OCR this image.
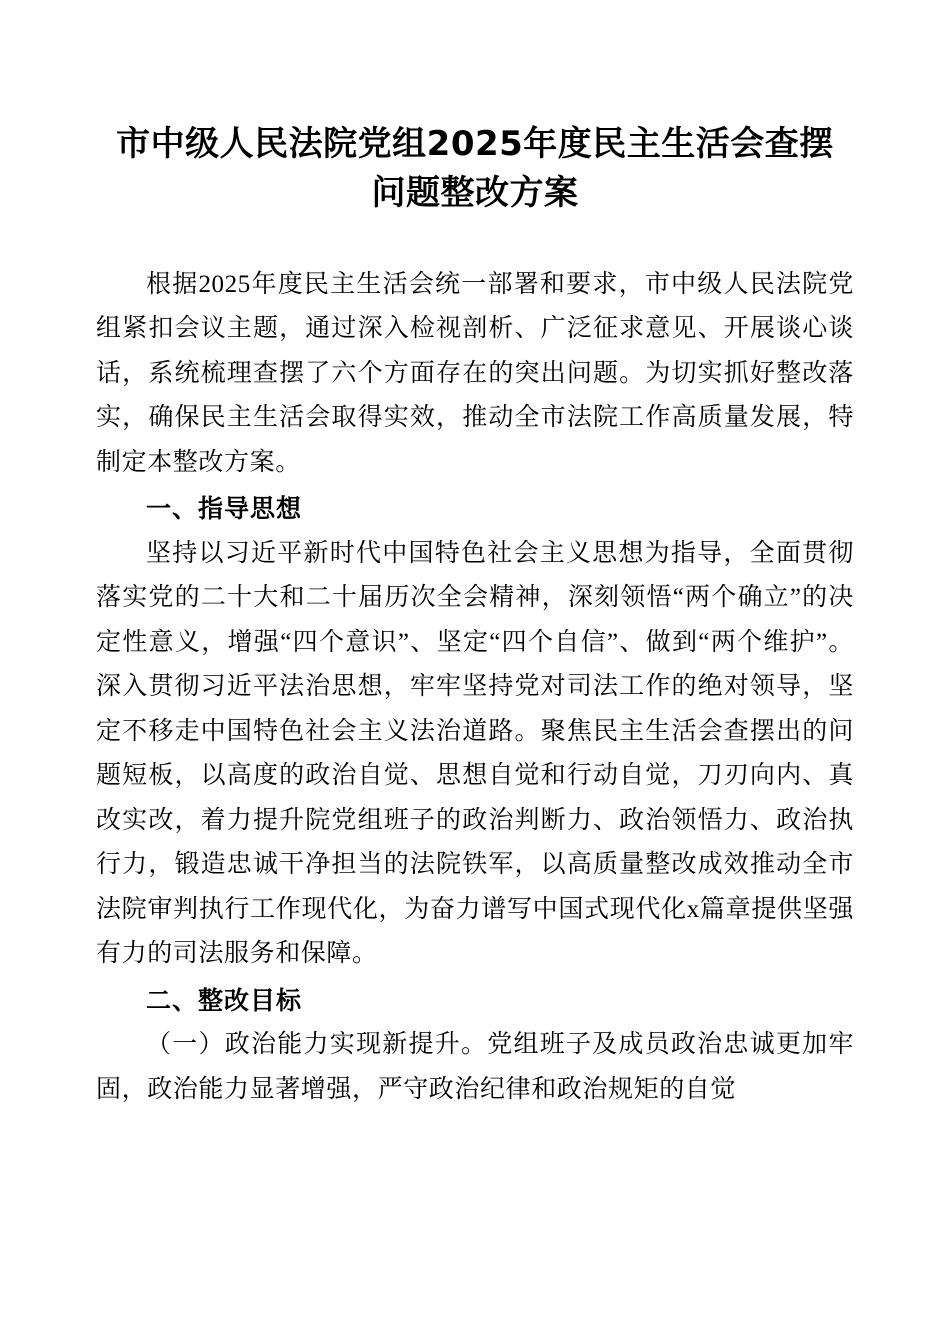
市中级人民法院党组2025年度民主生活会查摆问题整改方案

根据2025年度民主生活会统一部署和要求，市中级人民法院党组紧扣会议主题，通过深入检视剖析、广泛征求意见、开展谈心谈话，系统梳理查摆了六个方面存在的突出问题。为切实抓好整改落实，确保民主生活会取得实效，推动全市法院工作高质量发展，特制定本整改方案。

一、指导思想

坚持以习近平新时代中国特色社会主义思想为指导，全面贯彻落实党的二十大和二十届历次全会精神，深刻领悟“两个确立”的决定性意义，增强“四个意识”、坚定“四个自信”、做到“两个维护”。深入贯彻习近平法治思想，牢牢坚持党对司法工作的绝对领导，坚定不移走中国特色社会主义法治道路。聚焦民主生活会查摆出的问题短板，以高度的政治自觉、思想自觉和行动自觉，刀刃向内、真改实改，着力提升院党组班子的政治判断力、政治领悟力、政治执行力，锻造忠诚干净担当的法院铁军，以高质量整改成效推动全市法院审判执行工作现代化，为奋力谱写中国式现代化x篇章提供坚强有力的司法服务和保障。

二、整改目标

（一）政治能力实现新提升。党组班子及成员政治忠诚更加牢固，政治能力显著增强，严守政治纪律和政治规矩的自觉
